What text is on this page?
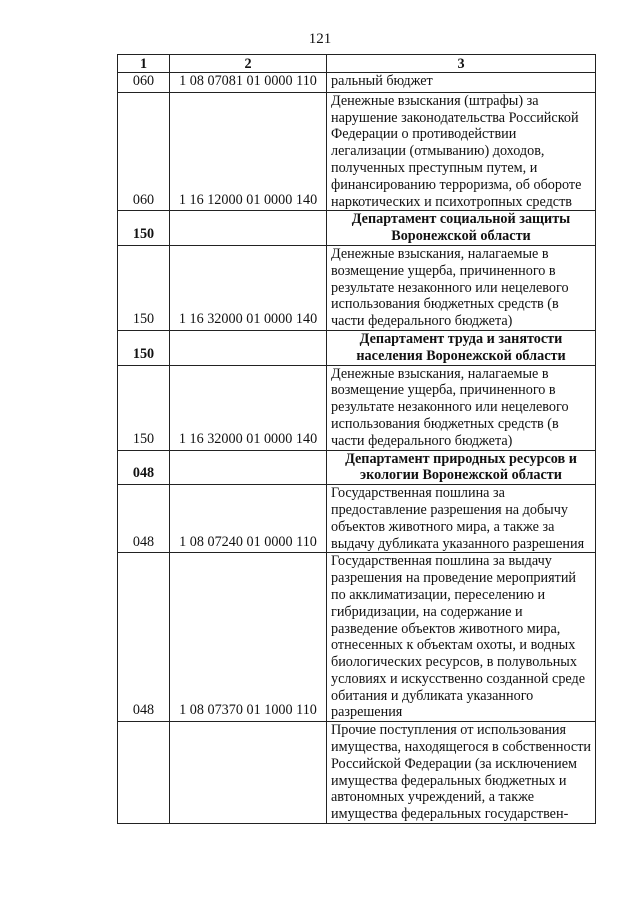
121
1	2	3
060	1 08 07081 01 0000 110	ральный бюджет
060	1 16 12000 01 0000 140	Денежные взыскания (штрафы) за нарушение законодательства Российской Федерации о противодействии легализации (отмыванию) доходов, полученных преступным путем, и финансированию терроризма, об обороте наркотических и психотропных средств
150		Департамент социальной защиты Воронежской области
150	1 16 32000 01 0000 140	Денежные взыскания, налагаемые в возмещение ущерба, причиненного в результате незаконного или нецелевого использования бюджетных средств (в части федерального бюджета)
150		Департамент труда и занятости населения Воронежской области
150	1 16 32000 01 0000 140	Денежные взыскания, налагаемые в возмещение ущерба, причиненного в результате незаконного или нецелевого использования бюджетных средств (в части федерального бюджета)
048		Департамент природных ресурсов и экологии Воронежской области
048	1 08 07240 01 0000 110	Государственная пошлина за предоставление разрешения на добычу объектов животного мира, а также за выдачу дубликата указанного разрешения
048	1 08 07370 01 1000 110	Государственная пошлина за выдачу разрешения на проведение мероприятий по акклиматизации, переселению и гибридизации, на содержание и разведение объектов животного мира, отнесенных к объектам охоты, и водных биологических ресурсов, в полувольных условиях и искусственно созданной среде обитания и дубликата указанного разрешения
		Прочие поступления от использования имущества, находящегося в собственности Российской Федерации (за исключением имущества федеральных бюджетных и автономных учреждений, а также имущества федеральных государствен-
